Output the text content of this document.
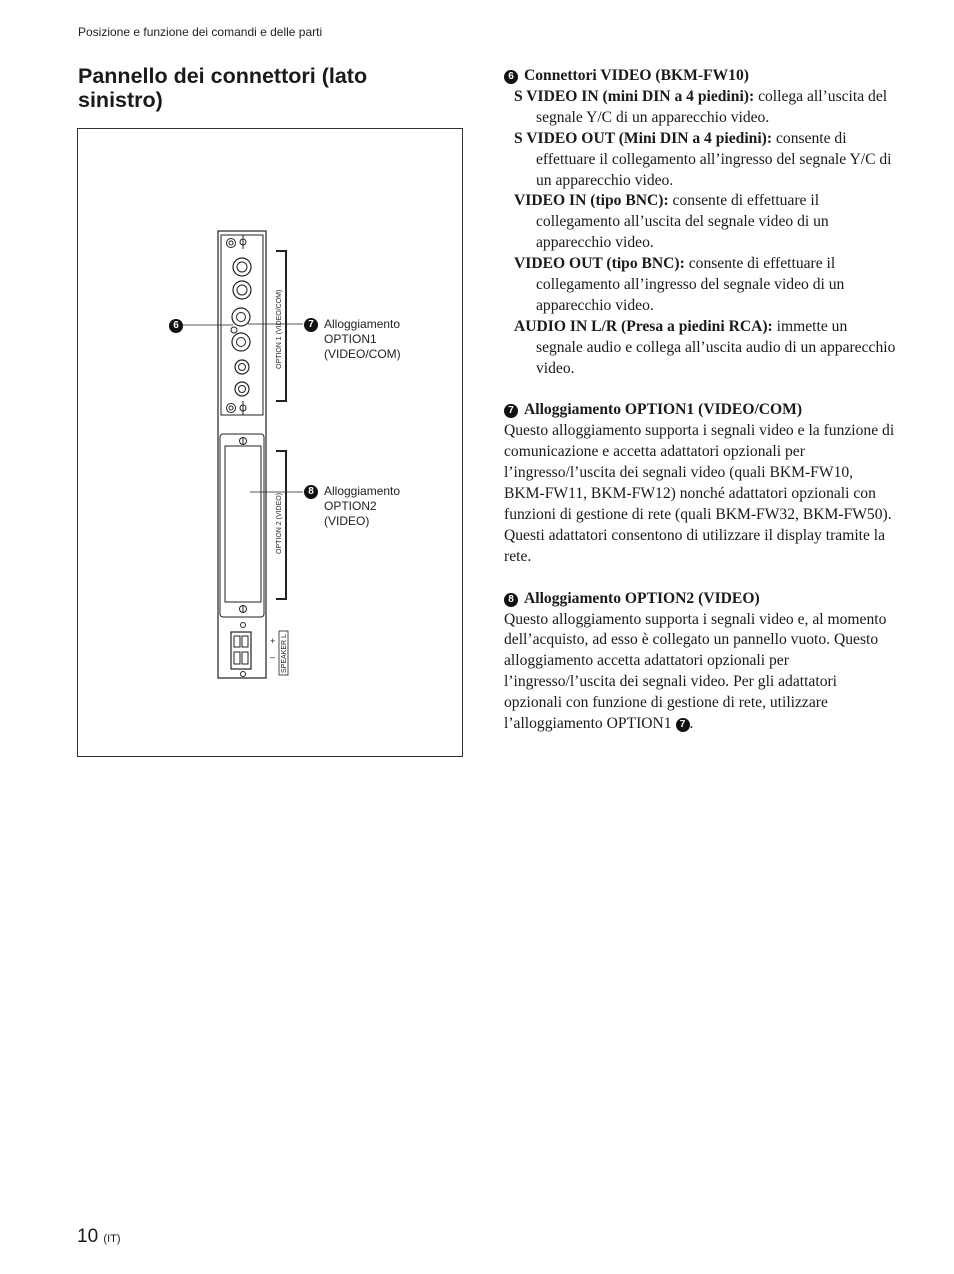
Posizione e funzione dei comandi e delle parti
Pannello dei connettori (lato sinistro)
OPTION 1 (VIDEO/COM)
OPTION 2 (VIDEO)
+
– SPEAKER L
6	7 Alloggiamento
OPTION1
(VIDEO/COM)
8 Alloggiamento
OPTION2
(VIDEO)
6 Connettori VIDEO (BKM-FW10)
S VIDEO IN (mini DIN a 4 piedini): collega all’uscita del segnale Y/C di un apparecchio video.
S VIDEO OUT (Mini DIN a 4 piedini): consente di effettuare il collegamento all’ingresso del segnale Y/C di un apparecchio video.
VIDEO IN (tipo BNC): consente di effettuare il collegamento all’uscita del segnale video di un apparecchio video.
VIDEO OUT (tipo BNC): consente di effettuare il collegamento all’ingresso del segnale video di un apparecchio video.
AUDIO IN L/R (Presa a piedini RCA): immette un segnale audio e collega all’uscita audio di un apparecchio video.
7 Alloggiamento OPTION1 (VIDEO/COM)
Questo alloggiamento supporta i segnali video e la funzione di comunicazione e accetta adattatori opzionali per l’ingresso/l’uscita dei segnali video (quali BKM-FW10, BKM-FW11, BKM-FW12) nonché adattatori opzionali con funzioni di gestione di rete (quali BKM-FW32, BKM-FW50). Questi adattatori consentono di utilizzare il display tramite la rete.
8 Alloggiamento OPTION2 (VIDEO)
Questo alloggiamento supporta i segnali video e, al momento dell’acquisto, ad esso è collegato un pannello vuoto. Questo alloggiamento accetta adattatori opzionali per l’ingresso/l’uscita dei segnali video. Per gli adattatori opzionali con funzione di gestione di rete, utilizzare l’alloggiamento OPTION1 7 .
10 (IT)
